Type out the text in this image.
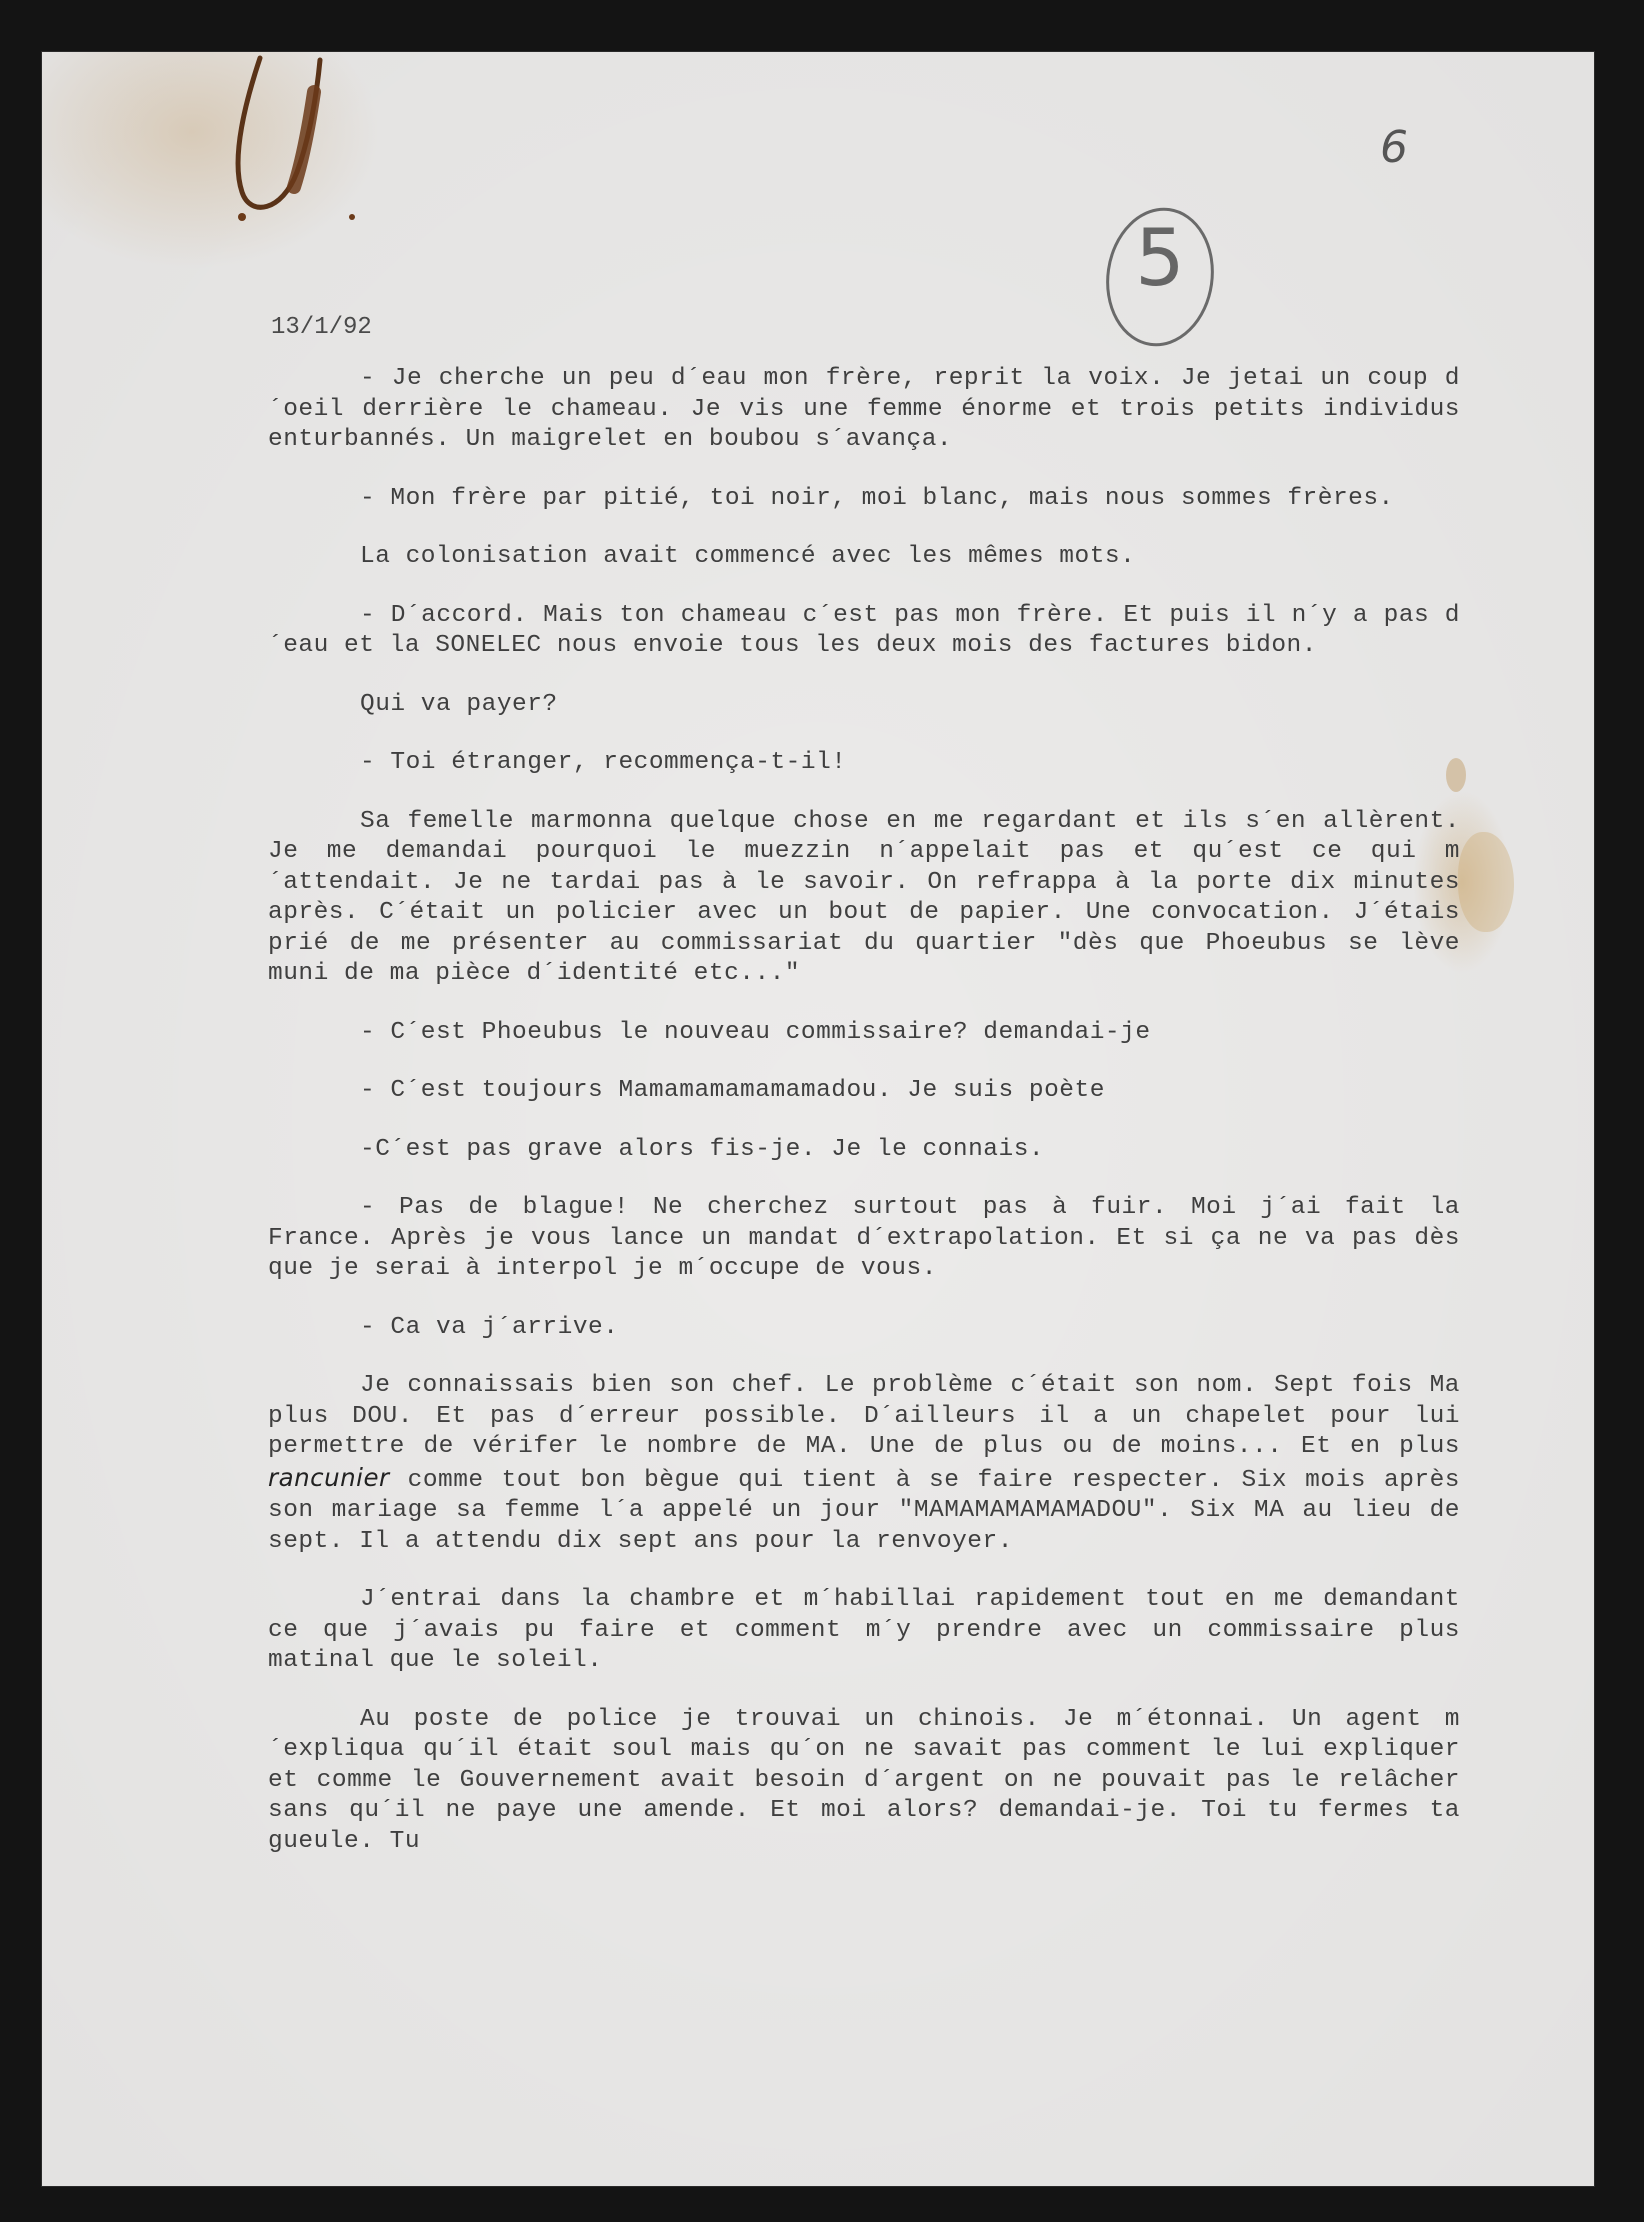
6
5
13/1/92

- Je cherche un peu d´eau mon frère, reprit la voix. Je jetai un coup d´oeil derrière le chameau. Je vis une femme énorme et trois petits individus enturbannés. Un maigrelet en boubou s´avança.

- Mon frère par pitié, toi noir, moi blanc, mais nous sommes frères.

La colonisation avait commencé avec les mêmes mots.

- D´accord. Mais ton chameau c´est pas mon frère. Et puis il n´y a pas d´eau et la SONELEC nous envoie tous les deux mois des factures bidon.

Qui va payer?

- Toi étranger, recommença-t-il!

Sa femelle marmonna quelque chose en me regardant et ils s´en allèrent. Je me demandai pourquoi le muezzin n´appelait pas et qu´est ce qui m´attendait. Je ne tardai pas à le savoir. On refrappa à la porte dix minutes après. C´était un policier avec un bout de papier. Une convocation. J´étais prié de me présenter au commissariat du quartier "dès que Phoeubus se lève muni de ma pièce d´identité etc..."

- C´est Phoeubus le nouveau commissaire? demandai-je

- C´est toujours Mamamamamamamadou. Je suis poète

-C´est pas grave alors fis-je. Je le connais.

- Pas de blague! Ne cherchez surtout pas à fuir. Moi j´ai fait la France. Après je vous lance un mandat d´extrapolation. Et si ça ne va pas dès que je serai à interpol je m´occupe de vous.

- Ca va j´arrive.

Je connaissais bien son chef. Le problème c´était son nom. Sept fois Ma plus DOU. Et pas d´erreur possible. D´ailleurs il a un chapelet pour lui permettre de vérifer le nombre de MA. Une de plus ou de moins... Et en plus rancunier comme tout bon bègue qui tient à se faire respecter. Six mois après son mariage sa femme l´a appelé un jour "MAMAMAMAMAMADOU". Six MA au lieu de sept. Il a attendu dix sept ans pour la renvoyer.

J´entrai dans la chambre et m´habillai rapidement tout en me demandant ce que j´avais pu faire et comment m´y prendre avec un commissaire plus matinal que le soleil.

Au poste de police je trouvai un chinois. Je m´étonnai. Un agent m´expliqua qu´il était soul mais qu´on ne savait pas comment le lui expliquer et comme le Gouvernement avait besoin d´argent on ne pouvait pas le relâcher sans qu´il ne paye une amende. Et moi alors? demandai-je. Toi tu fermes ta gueule. Tu
